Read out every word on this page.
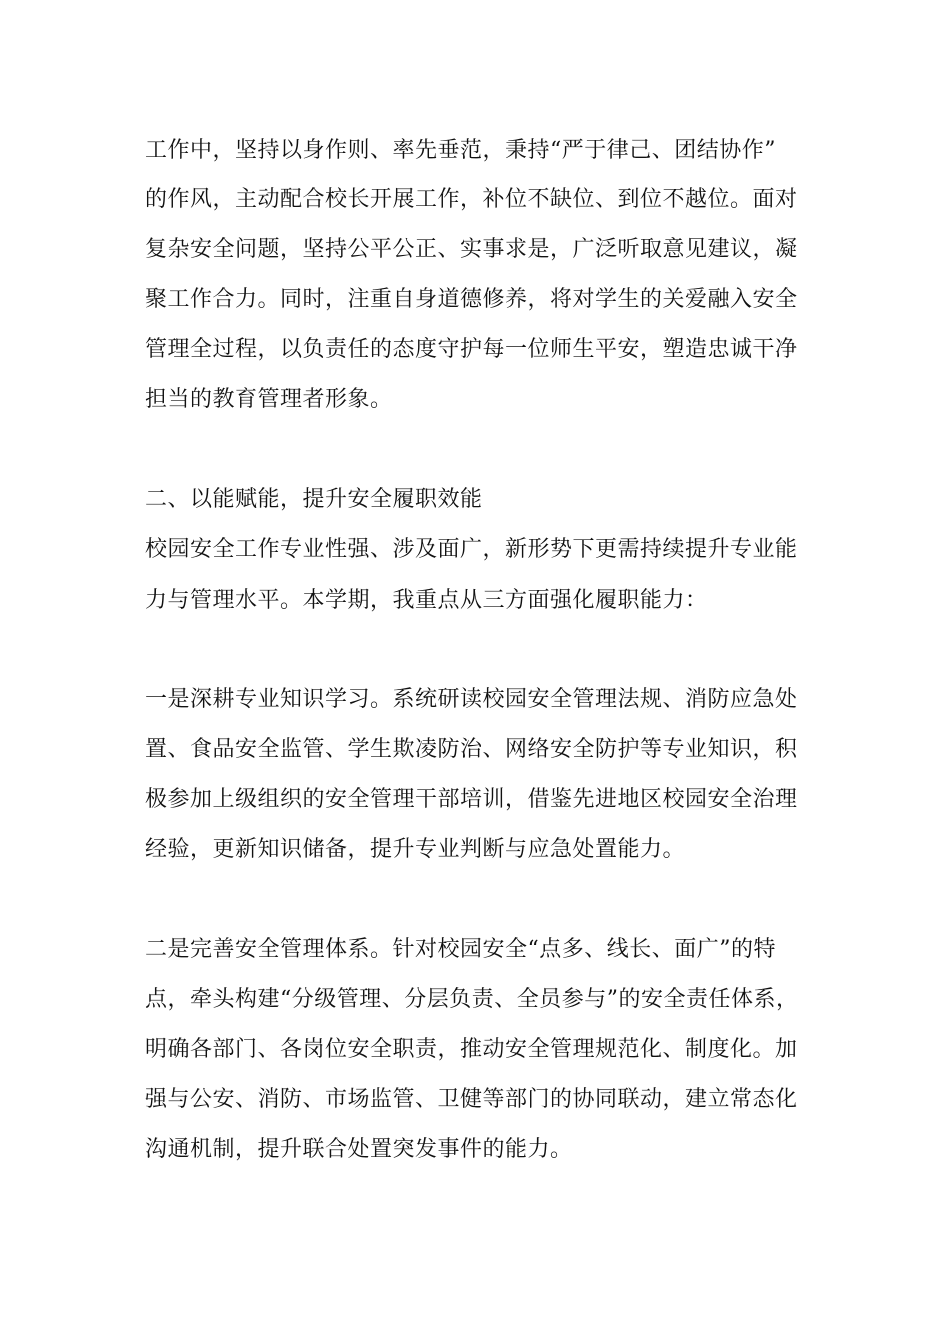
工作中，坚持以身作则、率先垂范，秉持“严于律己、团结协作”
的作风，主动配合校长开展工作，补位不缺位、到位不越位。面对
复杂安全问题，坚持公平公正、实事求是，广泛听取意见建议，凝
聚工作合力。同时，注重自身道德修养，将对学生的关爱融入安全
管理全过程，以负责任的态度守护每一位师生平安，塑造忠诚干净
担当的教育管理者形象。
二、以能赋能，提升安全履职效能
校园安全工作专业性强、涉及面广，新形势下更需持续提升专业能
力与管理水平。本学期，我重点从三方面强化履职能力：
一是深耕专业知识学习。系统研读校园安全管理法规、消防应急处
置、食品安全监管、学生欺凌防治、网络安全防护等专业知识，积
极参加上级组织的安全管理干部培训，借鉴先进地区校园安全治理
经验，更新知识储备，提升专业判断与应急处置能力。
二是完善安全管理体系。针对校园安全“点多、线长、面广”的特
点，牵头构建“分级管理、分层负责、全员参与”的安全责任体系，
明确各部门、各岗位安全职责，推动安全管理规范化、制度化。加
强与公安、消防、市场监管、卫健等部门的协同联动，建立常态化
沟通机制，提升联合处置突发事件的能力。
